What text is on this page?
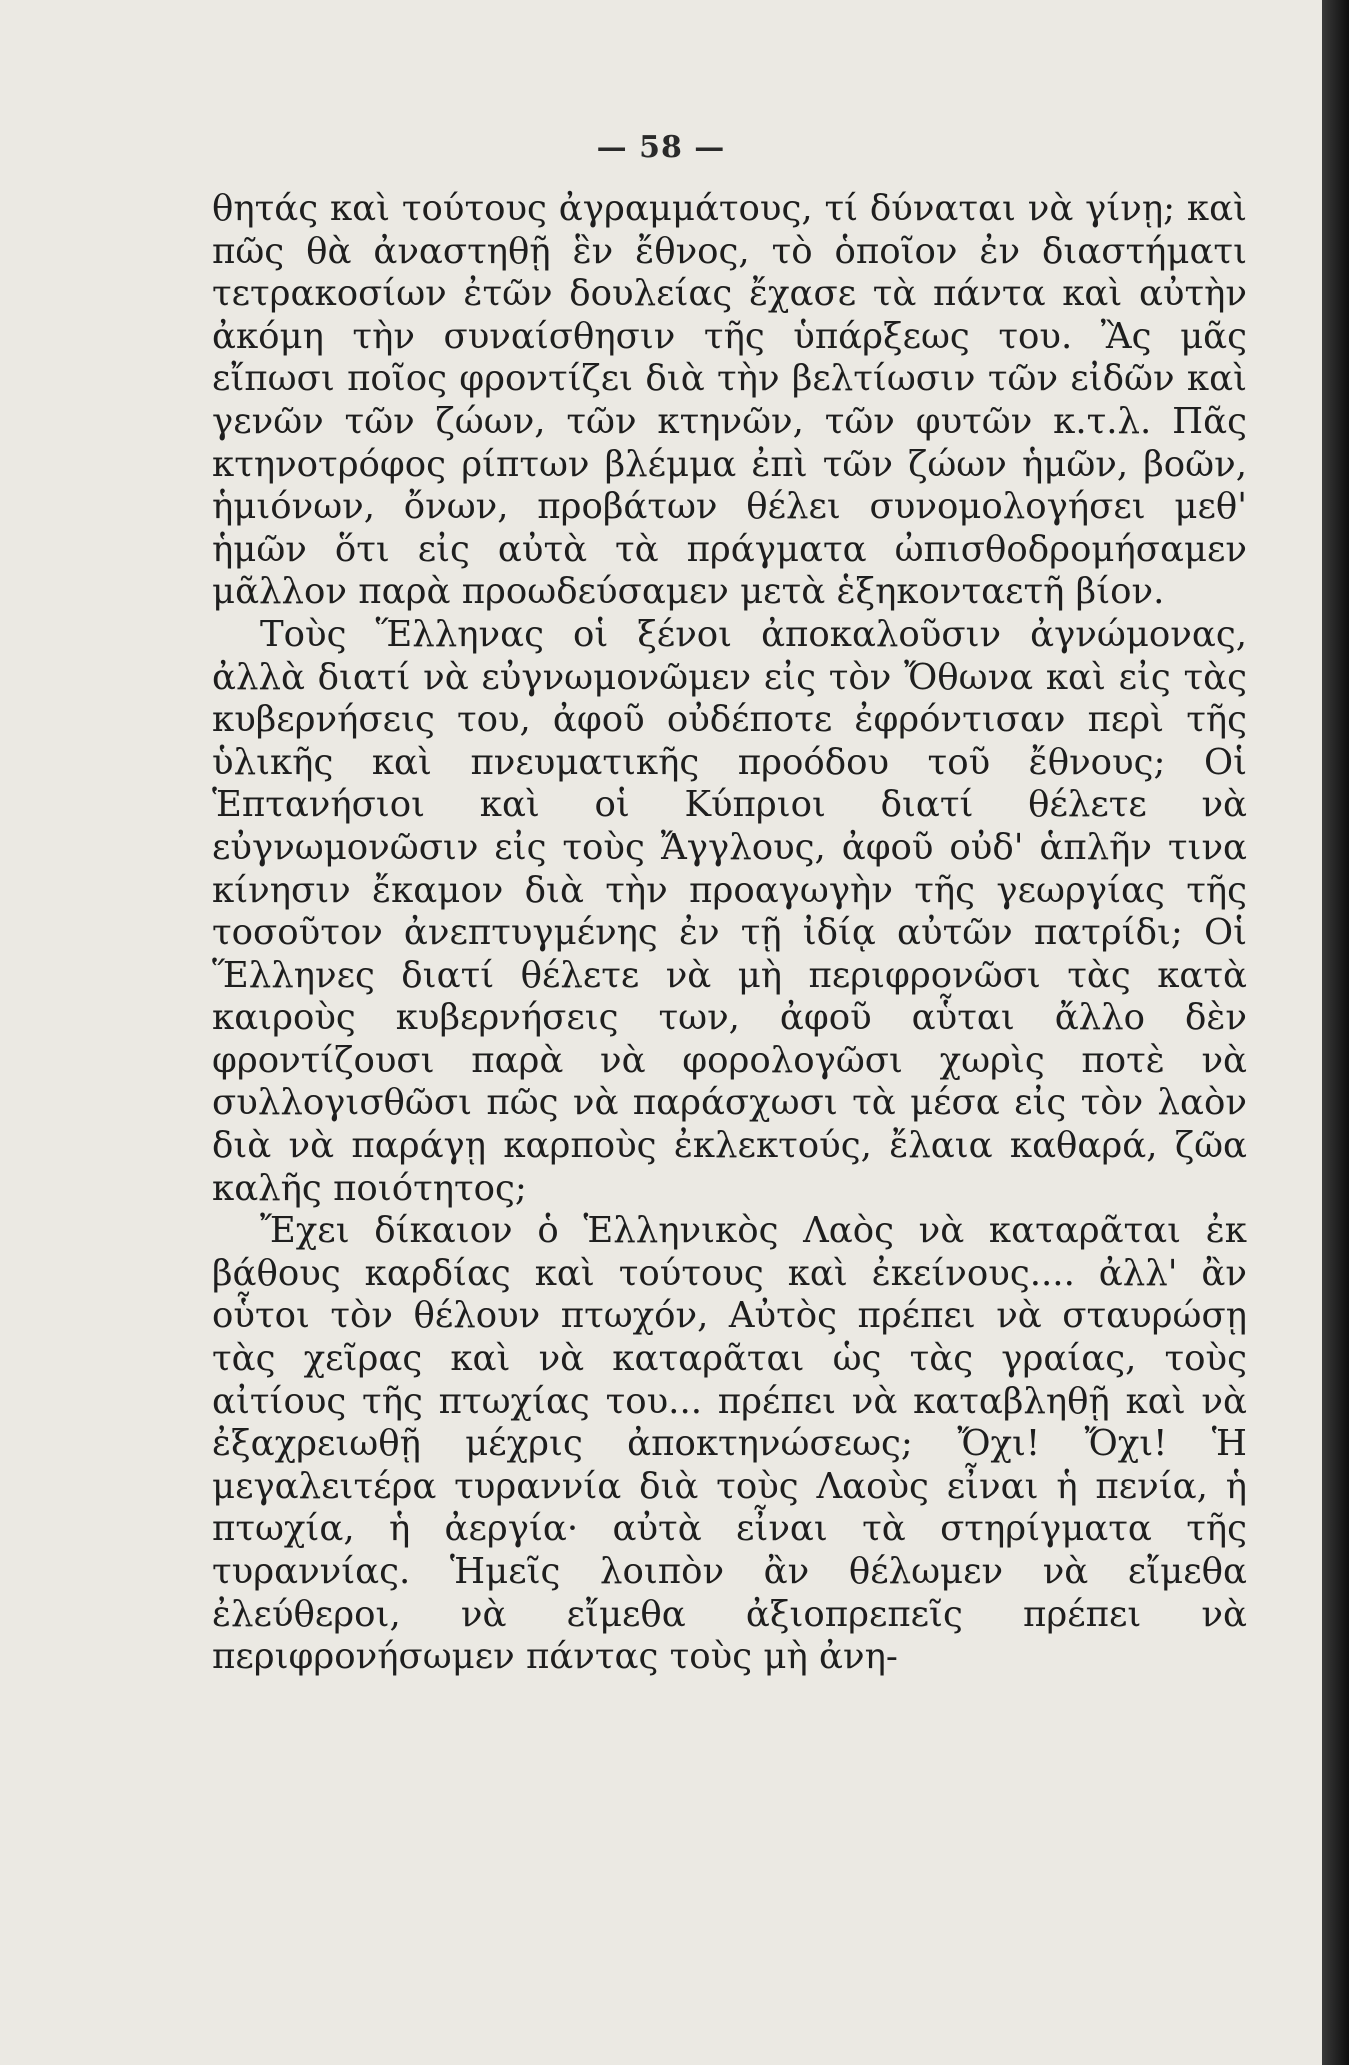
— 58 —

θητάς καὶ τούτους ἀγραμμάτους, τί δύναται νὰ γίνῃ; καὶ πῶς θὰ ἀναστηθῇ ἓν ἔθνος, τὸ ὁποῖον ἐν διαστήματι τετρακοσίων ἐτῶν δουλείας ἔχασε τὰ πάντα καὶ αὐτὴν ἀκόμη τὴν συναίσθησιν τῆς ὑπάρξεως του. Ἂς μᾶς εἴπωσι ποῖος φροντίζει διὰ τὴν βελτίωσιν τῶν εἰδῶν καὶ γενῶν τῶν ζώων, τῶν κτηνῶν, τῶν φυτῶν κ.τ.λ. Πᾶς κτηνοτρόφος ρίπτων βλέμμα ἐπὶ τῶν ζώων ἡμῶν, βοῶν, ἡμιόνων, ὄνων, προβάτων θέλει συνομολογήσει μεθ' ἡμῶν ὅτι εἰς αὐτὰ τὰ πράγματα ὠπισθοδρομήσαμεν μᾶλλον παρὰ προωδεύσαμεν μετὰ ἑξηκονταετῆ βίον.

Τοὺς Ἕλληνας οἱ ξένοι ἀποκαλοῦσιν ἀγνώμονας, ἀλλὰ διατί νὰ εὐγνωμονῶμεν εἰς τὸν Ὄθωνα καὶ εἰς τὰς κυβερνήσεις του, ἀφοῦ οὐδέποτε ἐφρόντισαν περὶ τῆς ὑλικῆς καὶ πνευματικῆς προόδου τοῦ ἔθνους; Οἱ Ἑπτανήσιοι καὶ οἱ Κύπριοι διατί θέλετε νὰ εὐγνωμονῶσιν εἰς τοὺς Ἄγγλους, ἀφοῦ οὐδ' ἁπλῆν τινα κίνησιν ἔκαμον διὰ τὴν προαγωγὴν τῆς γεωργίας τῆς τοσοῦτον ἀνεπτυγμένης ἐν τῇ ἰδίᾳ αὐτῶν πατρίδι; Οἱ Ἕλληνες διατί θέλετε νὰ μὴ περιφρονῶσι τὰς κατὰ καιροὺς κυβερνήσεις των, ἀφοῦ αὗται ἄλλο δὲν φροντίζουσι παρὰ νὰ φορολογῶσι χωρὶς ποτὲ νὰ συλλογισθῶσι πῶς νὰ παράσχωσι τὰ μέσα εἰς τὸν λαὸν διὰ νὰ παράγῃ καρποὺς ἐκλεκτούς, ἔλαια καθαρά, ζῶα καλῆς ποιότητος;

Ἔχει δίκαιον ὁ Ἑλληνικὸς Λαὸς νὰ καταρᾶται ἐκ βάθους καρδίας καὶ τούτους καὶ ἐκείνους.... ἀλλ' ἂν οὗτοι τὸν θέλουν πτωχόν, Αὐτὸς πρέπει νὰ σταυρώσῃ τὰς χεῖρας καὶ νὰ καταρᾶται ὡς τὰς γραίας, τοὺς αἰτίους τῆς πτωχίας του... πρέπει νὰ καταβληθῇ καὶ νὰ ἐξαχρειωθῇ μέχρις ἀποκτηνώσεως; Ὄχι! Ὄχι! Ἡ μεγαλειτέρα τυραννία διὰ τοὺς Λαοὺς εἶναι ἡ πενία, ἡ πτωχία, ἡ ἀεργία· αὐτὰ εἶναι τὰ στηρίγματα τῆς τυραννίας. Ἡμεῖς λοιπὸν ἂν θέλωμεν νὰ εἴμεθα ἐλεύθεροι, νὰ εἴμεθα ἀξιοπρεπεῖς πρέπει νὰ περιφρονήσωμεν πάντας τοὺς μὴ ἀνη-
